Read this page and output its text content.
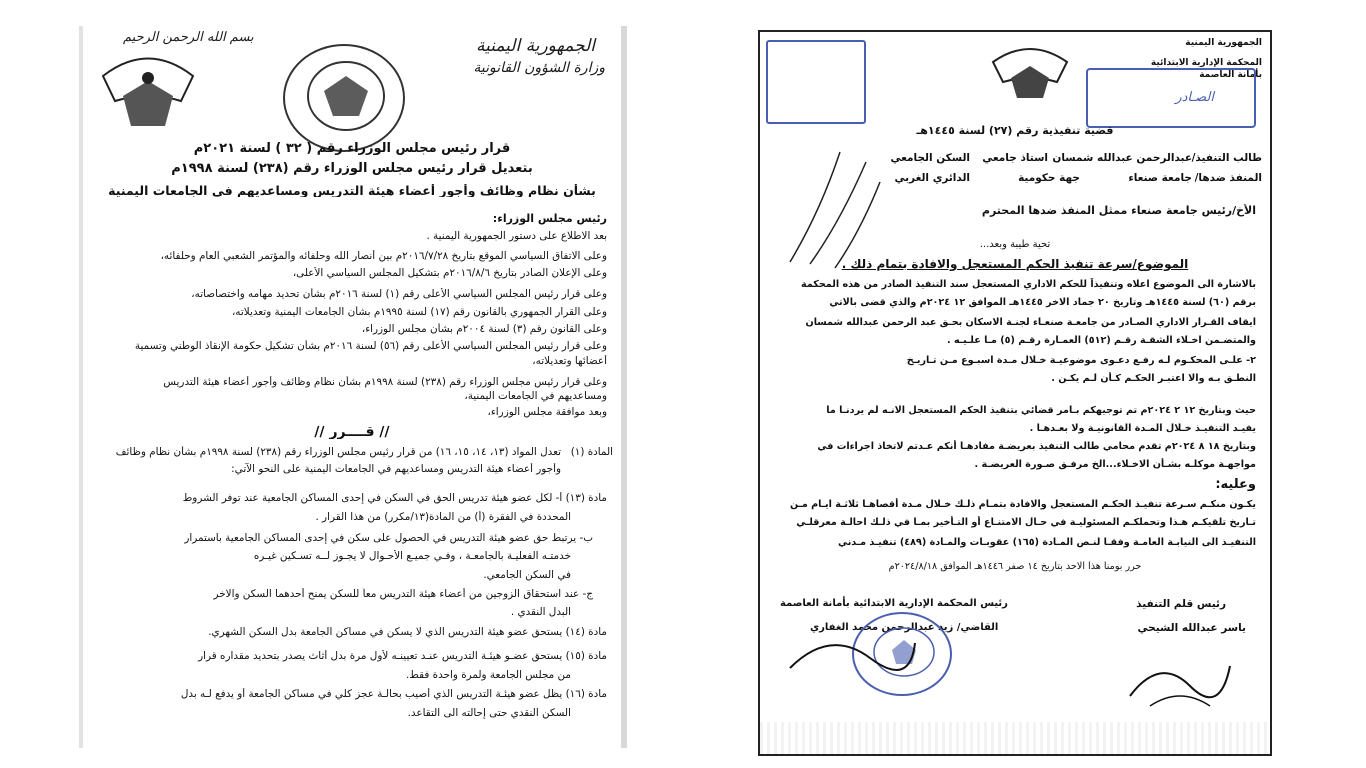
الجمهورية اليمنية
وزارة الشؤون القانونية
بسم الله الرحمن الرحيم
قرار رئيس مجلس الوزراء رقم ( ٣٢ ) لسنة ٢٠٢١م
بتعديل قرار رئيس مجلس الوزراء رقم (٢٣٨) لسنة ١٩٩٨م
بشأن نظام وظائف وأجور أعضاء هيئة التدريس ومساعديهم في الجامعات اليمنية
رئيس مجلس الوزراء:
بعد الاطلاع على دستور الجمهورية اليمنية .
وعلى الاتفاق السياسي الموقع بتاريخ ٢٠١٦/٧/٢٨م بين أنصار الله وحلفائه والمؤتمر الشعبي العام وحلفائه،
وعلى الإعلان الصادر بتاريخ ٢٠١٦/٨/٦م بتشكيل المجلس السياسي الأعلى،
وعلى قرار رئيس المجلس السياسي الأعلى رقم (١) لسنة ٢٠١٦م بشأن تحديد مهامه واختصاصاته،
وعلى القرار الجمهوري بالقانون رقم (١٧) لسنة ١٩٩٥م بشأن الجامعات اليمنية وتعديلاته،
وعلى القانون رقم (٣) لسنة ٢٠٠٤م بشأن مجلس الوزراء،
وعلى قرار رئيس المجلس السياسي الأعلى رقم (٥٦) لسنة ٢٠١٦م بشأن تشكيل حكومة الإنقاذ الوطني وتسمية
أعضائها وتعديلاته،
وعلى قرار رئيس مجلس الوزراء رقم (٢٣٨) لسنة ١٩٩٨م بشأن نظام وظائف وأجور أعضاء هيئة التدريس
ومساعديهم في الجامعات اليمنية،
وبعد موافقة مجلس الوزراء،
// قــــرر //
المادة (١)
تعدل المواد (١٣، ١٤، ١٥، ١٦) من قرار رئيس مجلس الوزراء رقم (٢٣٨) لسنة ١٩٩٨م بشأن نظام وظائف
وأجور أعضاء هيئة التدريس ومساعديهم في الجامعات اليمنية على النحو الآتي:
مادة (١٣) أ- لكل عضو هيئة تدريس الحق في السكن في إحدى المساكن الجامعية عند توفر الشروط
المحددة في الفقرة (أ) من المادة(١٣/مكرر) من هذا القرار .
ب- يرتبط حق عضو هيئة التدريس في الحصول على سكن في إحدى المساكن الجامعية باستمرار
خدمتـه الفعليـة بالجامعـة ، وفـي جميـع الأحـوال لا يجـوز لــه تسـكين غيـره
في السكن الجامعي.
ج- عند استحقاق الزوجين من أعضاء هيئة التدريس معاً للسكن يمنح أحدهما السكن والاخر
البدل النقدي .
مادة (١٤) يستحق عضو هيئة التدريس الذي لا يسكن في مساكن الجامعة بدل السكن الشهري.
مادة (١٥) يستحق عضـو هيئـة التدريس عنـد تعيينـه لأول مرة بدل أثاث يصدر بتحديد مقداره قرار
من مجلس الجامعة ولمرة واحدة فقط.
مادة (١٦) يظل عضو هيئـة التدريس الذي أصيب بحالـة عجز كلي في مساكن الجامعة أو يدفع لـه بدل
السكن النقدي حتى إحالته الى التقاعد.
الجمهورية اليمنية
المحكمة الإدارية الابتدائية
بأمانة العاصمة
الصـادر
قضية تنفيذية رقم (٢٧) لسنة ١٤٤٥هـ
طالب التنفيذ/
عبدالرحمن عبدالله شمسان
استاذ جامعي
السكن الجامعي
المنفذ ضدها/
جامعة صنعاء
جهة حكومية
الدائري الغربي
الأخ/رئيس جامعة صنعاء ممثل المنفذ ضدها المحترم
تحية طيبة وبعد...
الموضوع/سرعة تنفيذ الحكم المستعجل والافادة بتمام ذلك .
بالاشارة الى الموضوع اعلاه وتنفيذاً للحكم الاداري المستعجل سند التنفيذ الصادر من هذه المحكمة
برقم (٦٠) لسنة ١٤٤٥هـ وتاريخ ٢٠ جماد الاخر ١٤٤٥هـ الموافق ١٢ ٢٠٢٤م والذي قضى بالاتي
ايقاف القـرار الاداري الصـادر من جامعـة صنعـاء لجنـة الاسكان بحـق عبد الرحمن عبدالله شمسان
والمتضـمن اخـلاء الشقـة رقـم (٥١٢) العمـارة رقـم (٥) مـا علـيـه .
٢- علـى المحكـوم لـه رفـع دعـوى موضوعيـة خـلال مـدة اسبـوع مـن تـاريـخ
النطـق بـه والا اعتبـر الحكـم كـأن لـم يكـن .
حيث وبتاريخ ١٢ ٢ ٢٠٢٤م تم توجيهكم بـامر قضائي بتنفيذ الحكم المستعجل الانـه لم يردنـا ما
يفيـد التنفيـذ خـلال المـدة القانونيـة ولا بعـدهـا .
وبتاريخ ١٨ ٨ ٢٠٢٤م تقدم محامي طالب التنفيذ بعريضـة مفادهـا أنكم عـدتم لاتخاذ اجراءات في
مواجهـة موكلـه بشـأن الاخـلاء...الخ مرفـق صـورة العريضـة .
وعليه:
يكـون منكـم سـرعة تنفيـذ الحكـم المستعجل والافادة بتمـام ذلـك خـلال مـدة أقصاهـا ثلاثـة ايـام مـن
تـاريخ تلقيكـم هـذا وتحملكـم المسئوليـة في حـال الامتنـاع أو التـأخير بمـا في ذلـك احالـة معرقلـي
التنفيـذ الى النيابـة العامـة وفقـا لنـص المـادة (١٦٥) عقوبـات والمـادة (٤٨٩) تنفيـذ مـدني
حرر بومنا هذا الاحد بتاريخ ١٤ صفر ١٤٤٦هـ الموافق ٢٠٢٤/٨/١٨م
رئيس قلم التنفيذ
ياسر عبدالله الشيحي
رئيس المحكمة الإدارية الابتدائية بأمانة العاصمة
القاضي/ زيد عبدالرحمن محمد الغفاري
